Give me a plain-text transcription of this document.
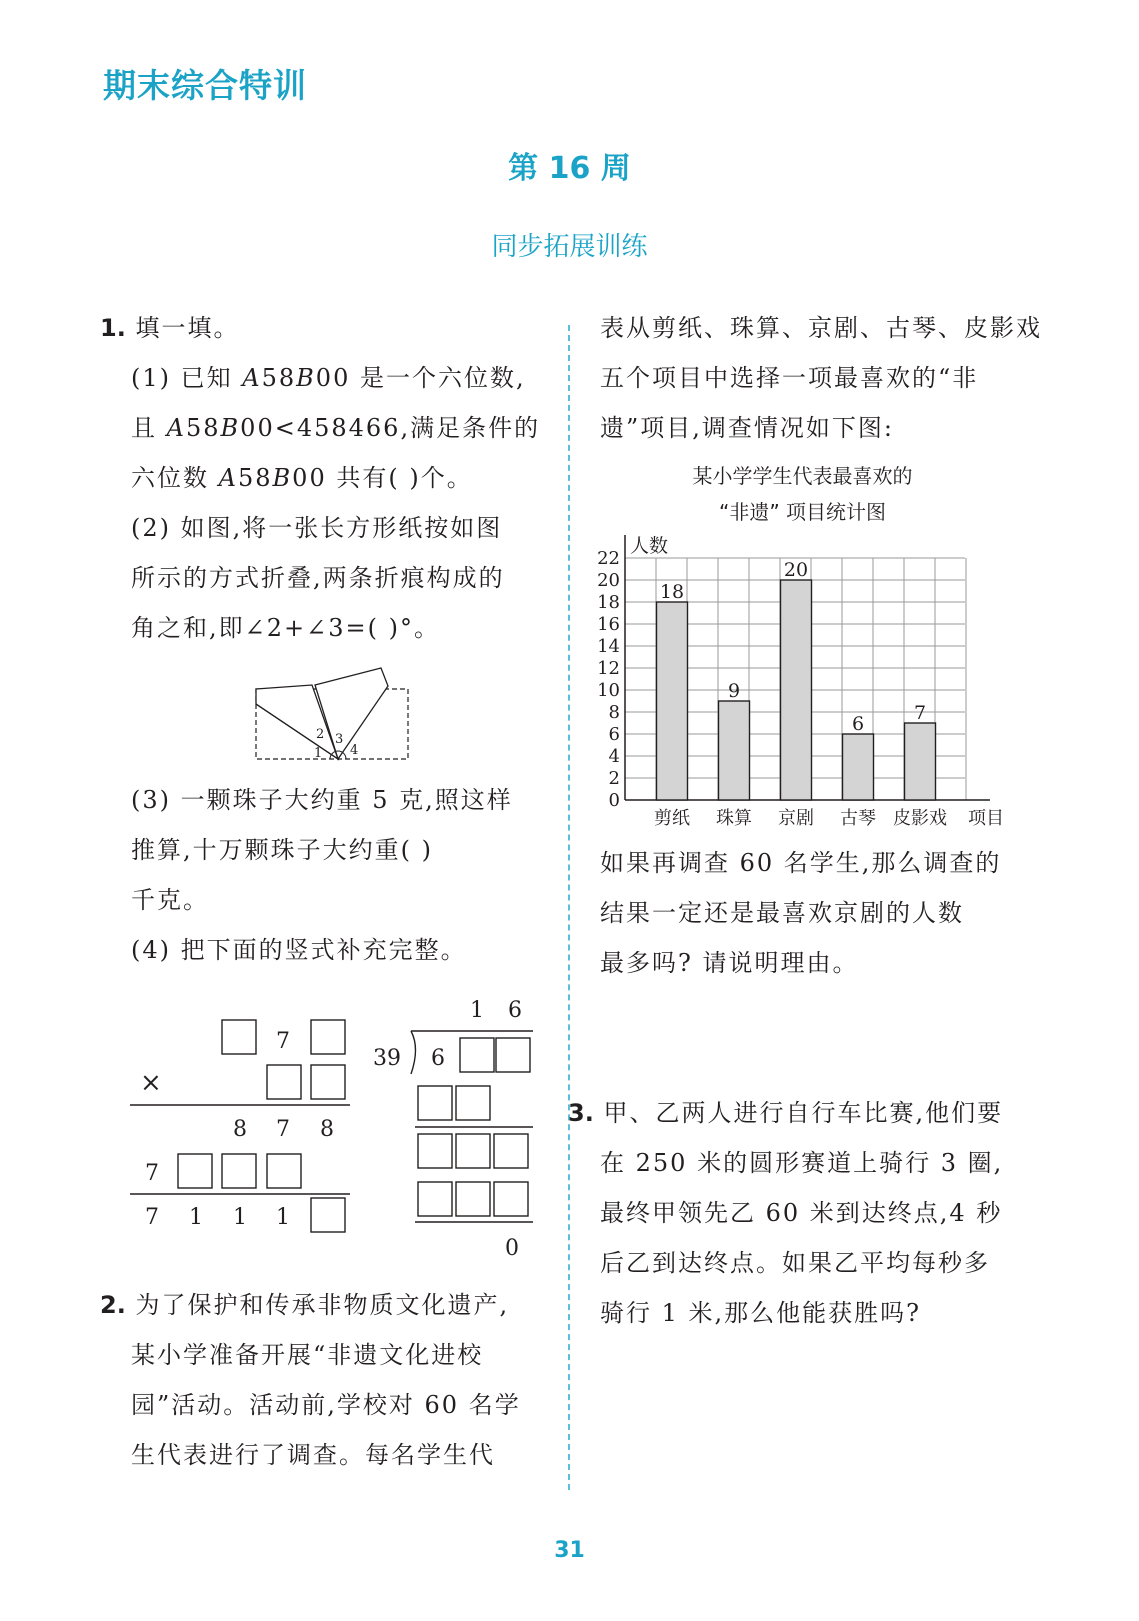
期末综合特训
第 16 周
同步拓展训练
1. 填一填。
(1) 已知 A58B00 是一个六位数,
且 A58B00<458466,满足条件的
六位数 A58B00 共有( )个。
(2) 如图,将一张长方形纸按如图
所示的方式折叠,两条折痕构成的
角之和,即∠2+∠3=( )°。
1
2 3
4
(3) 一颗珠子大约重 5 克,照这样
推算,十万颗珠子大约重( )
千克。
(4) 把下面的竖式补充完整。
7
×
8 7 8
7
7 1 1 1
1 6
39 6
0
2. 为了保护和传承非物质文化遗产,
某小学准备开展“非遗文化进校
园”活动。活动前,学校对 60 名学
生代表进行了调查。每名学生代
表从剪纸、珠算、京剧、古琴、皮影戏
五个项目中选择一项最喜欢的“非
遗”项目,调查情况如下图:
某小学学生代表最喜欢的
“非遗” 项目统计图
0
2
4
6
8
10
12
14
16
18
20
22
剪纸 珠算 京剧 古琴 皮影戏
18
9
20
6	7
人数
项目
如果再调查 60 名学生,那么调查的
结果一定还是最喜欢京剧的人数
最多吗? 请说明理由。
3. 甲、乙两人进行自行车比赛,他们要
在 250 米的圆形赛道上骑行 3 圈,
最终甲领先乙 60 米到达终点,4 秒
后乙到达终点。如果乙平均每秒多
骑行 1 米,那么他能获胜吗?
31
